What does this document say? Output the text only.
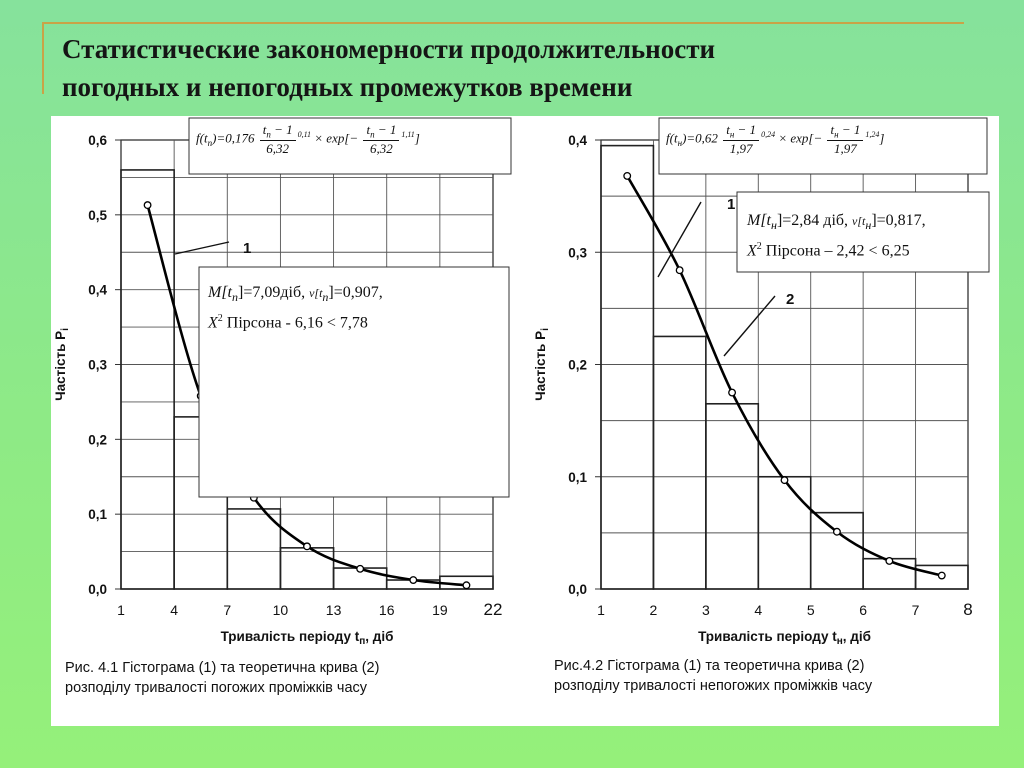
Статистические закономерности продолжительности
погодных и непогодных промежутков времени
1	4	7	10	13	16	19 22
0,0
0,1
0,2
0,3
0,4
0,5
0,6
1
Тривалість періоду $t_п$, діб
Частість $P_i$
1	2	3	4	5	6	7	8
0,0
0,1
0,2
0,3
0,4
1
2
Тривалість періоду $t_н$, діб
Частість $P_i$
$f(t_п)=0,176$
$t_п - 1$
6,32
$^{0,11}$ × exp[−
$t_п - 1$
6,32
$^{1,11}$]
$M[t_п]=7,09діб$, $v[t_п]=0,907$,
$X^2$ Пірсона - 6,16 < 7,78
$f(t_н)=0,62$
$t_н - 1$
1,97
$^{0,24}$ × exp[−
$t_н - 1$
1,97
$^{1,24}$]
$M[t_н]=2,84$ діб, $v[t_н]=0,817$,
$X^2$ Пірсона – 2,42 < 6,25
Рис. 4.1 Гістограма (1) та теоретична крива (2)
розподілу тривалості погожих проміжків часу
Рис.4.2 Гістограма (1) та теоретична крива (2)
розподілу тривалості непогожих проміжків часу
